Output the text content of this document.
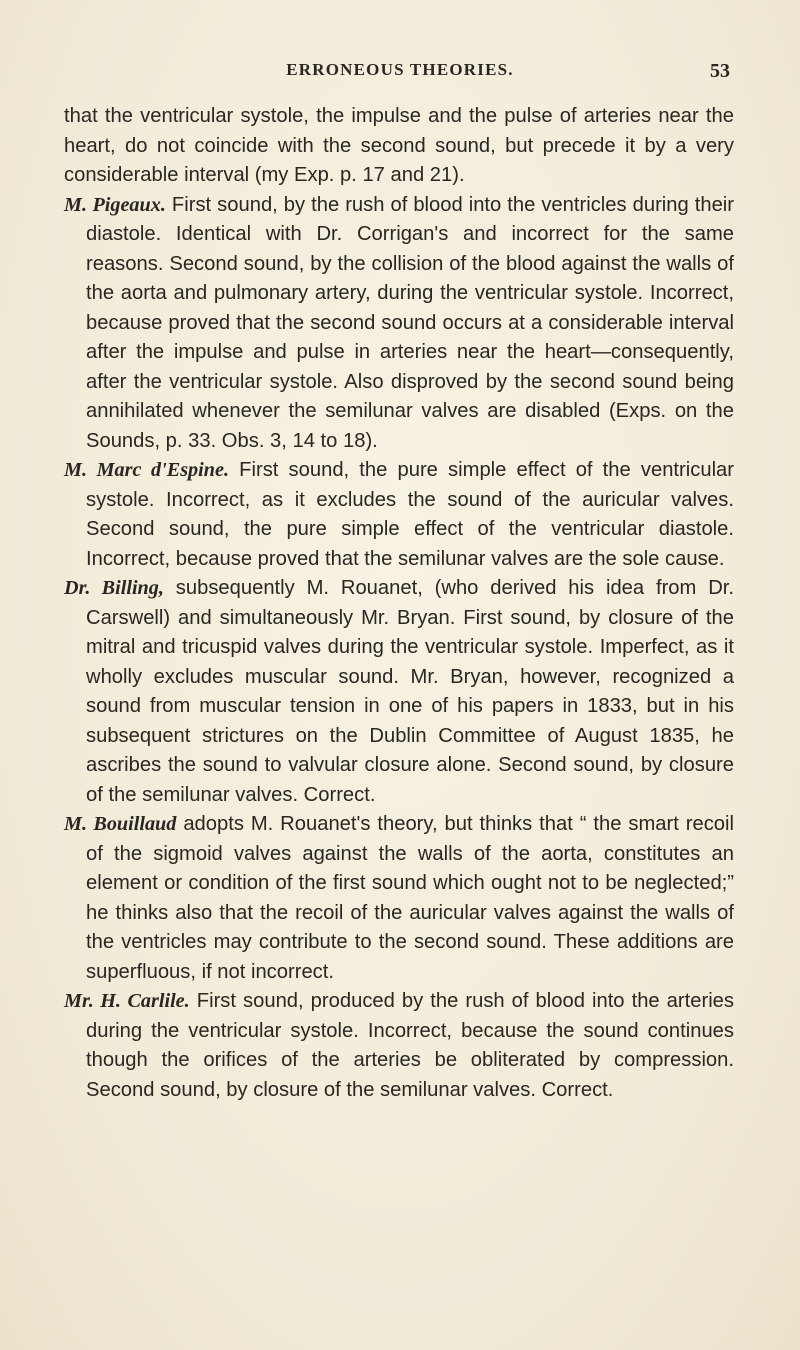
ERRONEOUS THEORIES.	53

that the ventricular systole, the impulse and the pulse of arteries near the heart, do not coincide with the second sound, but precede it by a very considerable interval (my Exp. p. 17 and 21).

M. Pigeaux. First sound, by the rush of blood into the ventricles during their diastole. Identical with Dr. Corrigan's and incorrect for the same reasons. Second sound, by the collision of the blood against the walls of the aorta and pulmonary artery, during the ventricular systole. Incorrect, because proved that the second sound occurs at a considerable interval after the impulse and pulse in arteries near the heart—consequently, after the ventricular systole. Also disproved by the second sound being annihilated whenever the semilunar valves are disabled (Exps. on the Sounds, p. 33. Obs. 3, 14 to 18).

M. Marc d'Espine. First sound, the pure simple effect of the ventricular systole. Incorrect, as it excludes the sound of the auricular valves. Second sound, the pure simple effect of the ventricular diastole. Incorrect, because proved that the semilunar valves are the sole cause.

Dr. Billing, subsequently M. Rouanet, (who derived his idea from Dr. Carswell) and simultaneously Mr. Bryan. First sound, by closure of the mitral and tricuspid valves during the ventricular systole. Imperfect, as it wholly excludes muscular sound. Mr. Bryan, however, recognized a sound from muscular tension in one of his papers in 1833, but in his subsequent strictures on the Dublin Committee of August 1835, he ascribes the sound to valvular closure alone. Second sound, by closure of the semilunar valves. Correct.

M. Bouillaud adopts M. Rouanet's theory, but thinks that “ the smart recoil of the sigmoid valves against the walls of the aorta, constitutes an element or condition of the first sound which ought not to be neglected;” he thinks also that the recoil of the auricular valves against the walls of the ventricles may contribute to the second sound. These additions are superfluous, if not incorrect.

Mr. H. Carlile. First sound, produced by the rush of blood into the arteries during the ventricular systole. Incorrect, because the sound continues though the orifices of the arteries be obliterated by compression. Second sound, by closure of the semilunar valves. Correct.
